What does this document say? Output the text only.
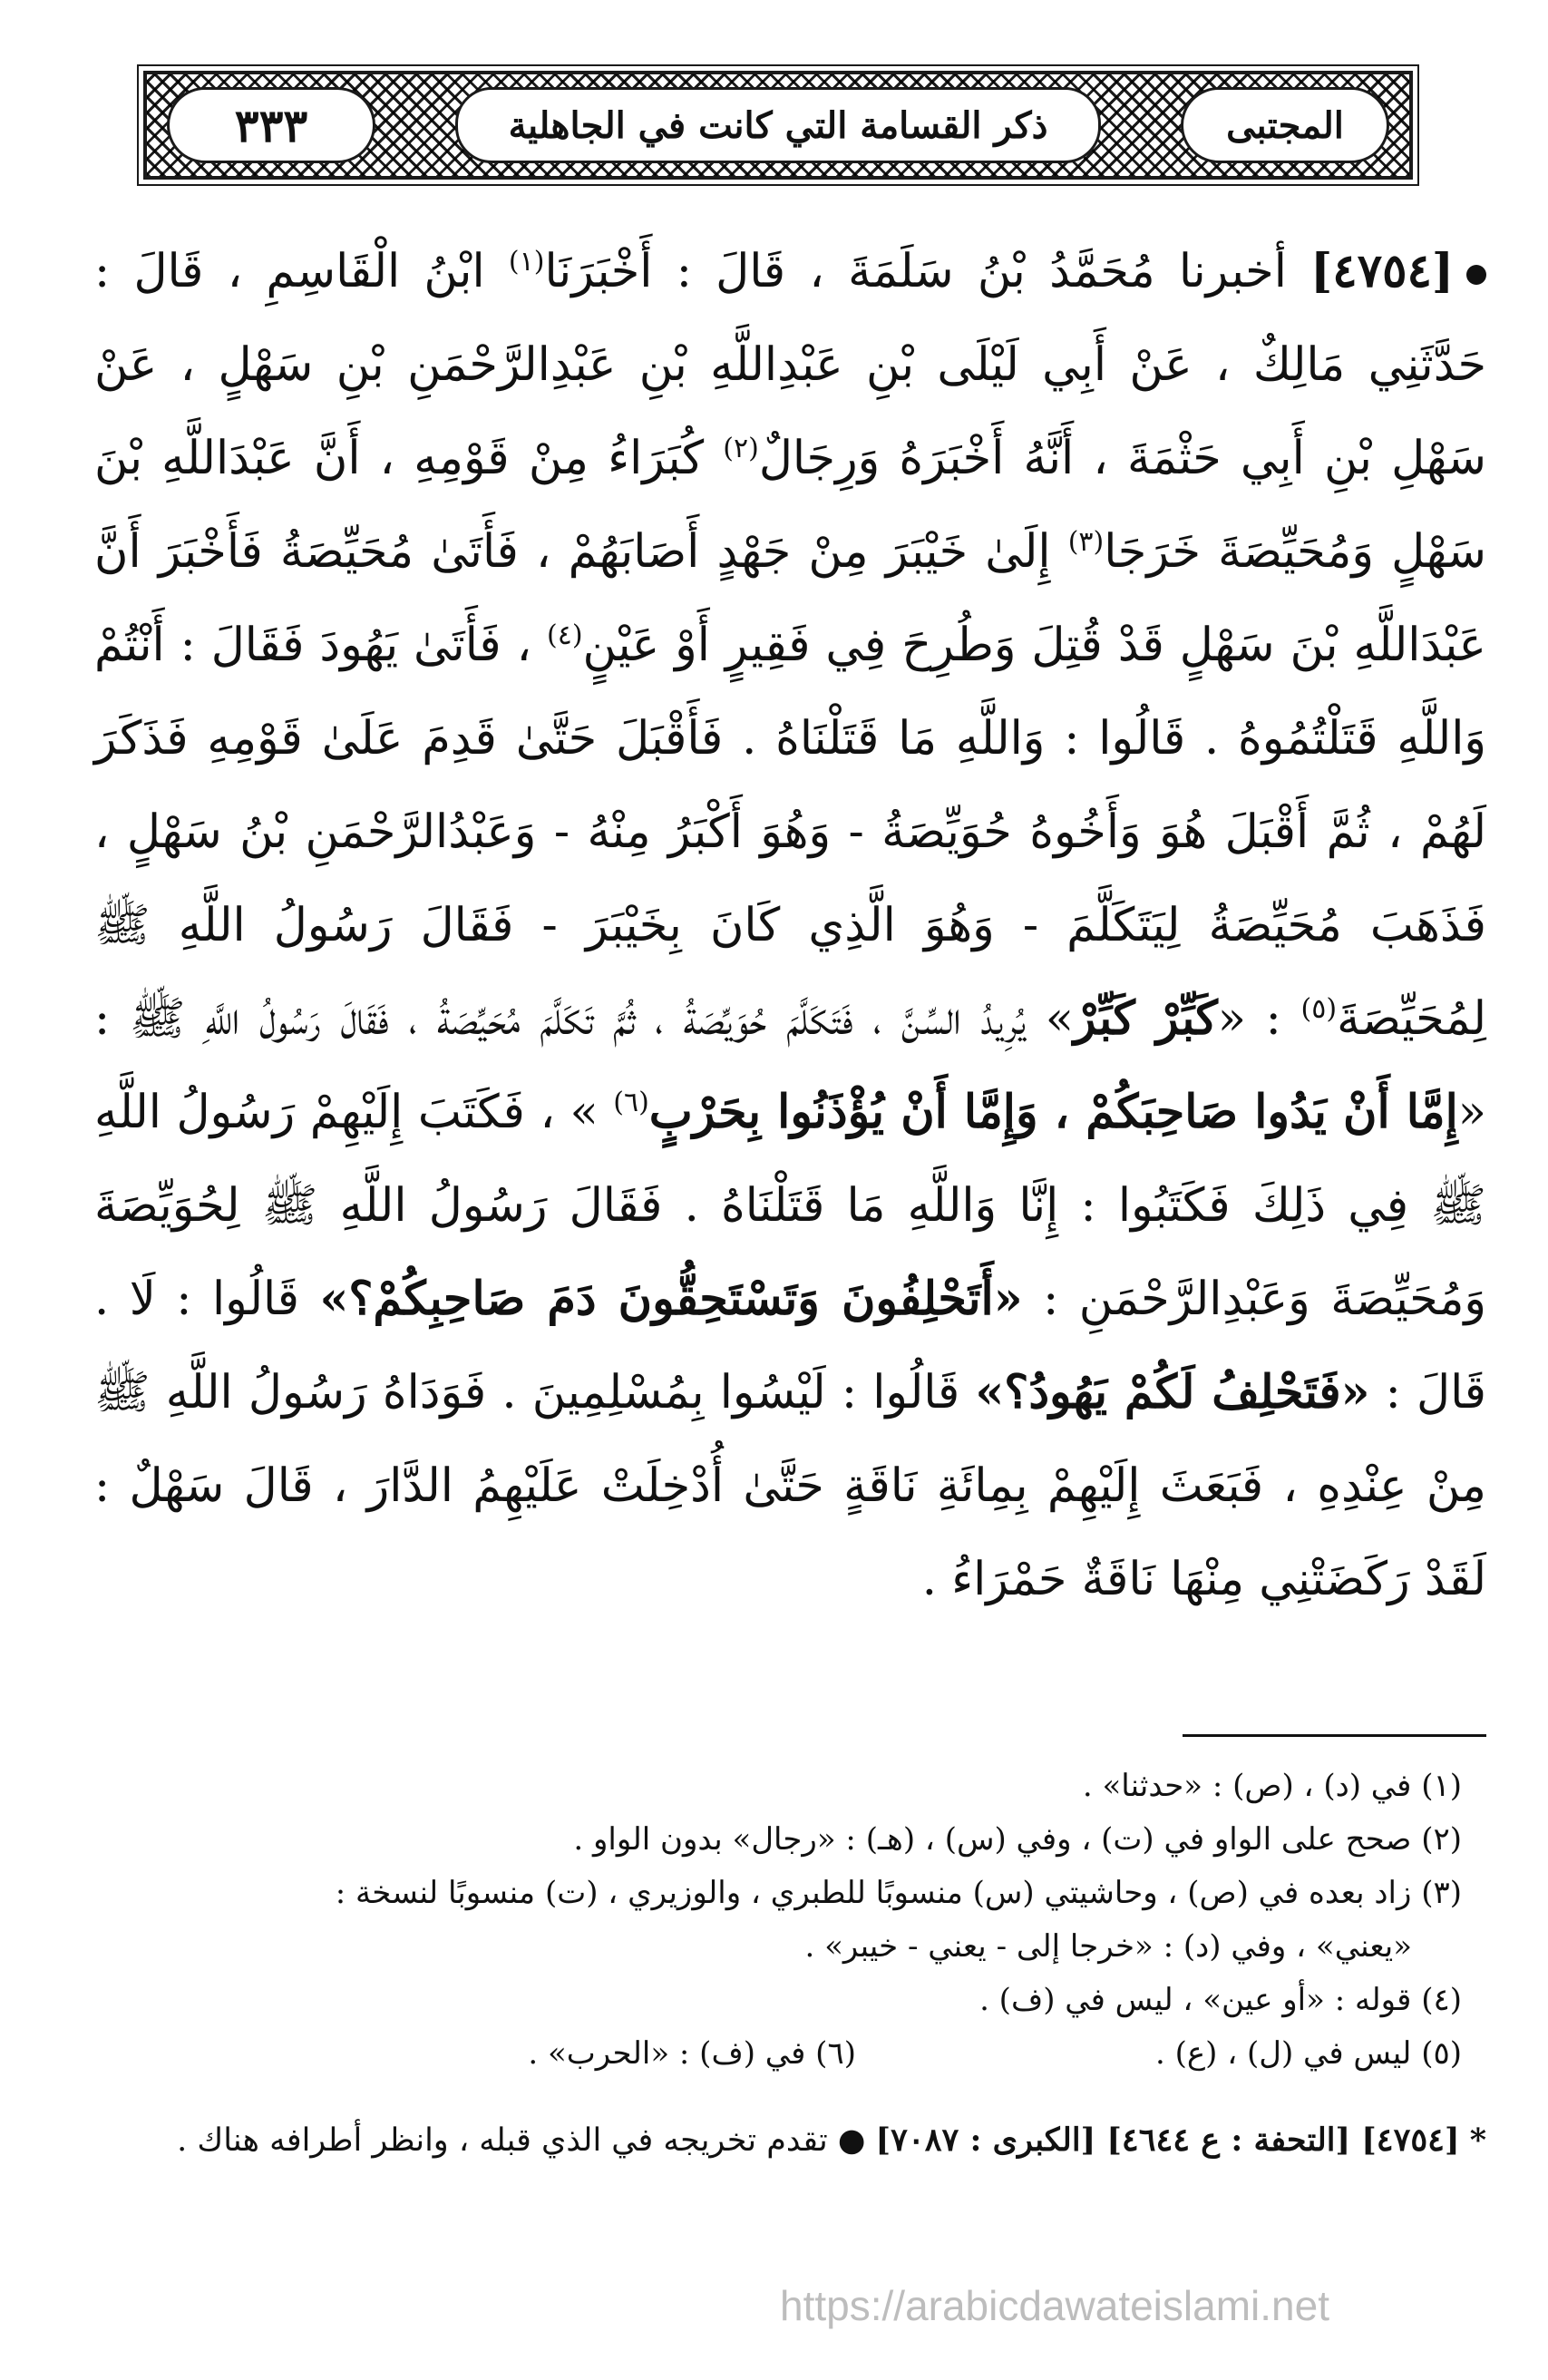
المجتبى
ذكر القسامة التي كانت في الجاهلية
٣٣٣

[٤٧٥٤] أخبرنا مُحَمَّدُ بْنُ سَلَمَةَ ، قَالَ : أَخْبَرَنَا$^{(١)}$ ابْنُ الْقَاسِمِ ، قَالَ : حَدَّثَنِي مَالِكٌ ، عَنْ أَبِي لَيْلَى بْنِ عَبْدِاللَّهِ بْنِ عَبْدِالرَّحْمَنِ بْنِ سَهْلٍ ، عَنْ سَهْلِ بْنِ أَبِي حَثْمَةَ ، أَنَّهُ أَخْبَرَهُ وَرِجَالٌ$^{(٢)}$ كُبَرَاءُ مِنْ قَوْمِهِ ، أَنَّ عَبْدَاللَّهِ بْنَ سَهْلٍ وَمُحَيِّصَةَ خَرَجَا$^{(٣)}$ إِلَىٰ خَيْبَرَ مِنْ جَهْدٍ أَصَابَهُمْ ، فَأَتَىٰ مُحَيِّصَةُ فَأَخْبَرَ أَنَّ عَبْدَاللَّهِ بْنَ سَهْلٍ قَدْ قُتِلَ وَطُرِحَ فِي فَقِيرٍ أَوْ عَيْنٍ$^{(٤)}$ ، فَأَتَىٰ يَهُودَ فَقَالَ : أَنْتُمْ وَاللَّهِ قَتَلْتُمُوهُ . قَالُوا : وَاللَّهِ مَا قَتَلْنَاهُ . فَأَقْبَلَ حَتَّىٰ قَدِمَ عَلَىٰ قَوْمِهِ فَذَكَرَ لَهُمْ ، ثُمَّ أَقْبَلَ هُوَ وَأَخُوهُ حُوَيِّصَةُ - وَهُوَ أَكْبَرُ مِنْهُ - وَعَبْدُالرَّحْمَنِ بْنُ سَهْلٍ ، فَذَهَبَ مُحَيِّصَةُ لِيَتَكَلَّمَ - وَهُوَ الَّذِي كَانَ بِخَيْبَرَ - فَقَالَ رَسُولُ اللَّهِ ﷺ لِمُحَيِّصَةَ$^{(٥)}$ : «كَبِّرْ كَبِّرْ» يُرِيدُ السِّنَّ ، فَتَكَلَّمَ حُوَيِّصَةُ ، ثُمَّ تَكَلَّمَ مُحَيِّصَةُ ، فَقَالَ رَسُولُ اللَّهِ ﷺ : «إِمَّا أَنْ يَدُوا صَاحِبَكُمْ ، وَإِمَّا أَنْ يُؤْذَنُوا بِحَرْبٍ$^{(٦)}$ » ، فَكَتَبَ إِلَيْهِمْ رَسُولُ اللَّهِ ﷺ فِي ذَلِكَ فَكَتَبُوا : إِنَّا وَاللَّهِ مَا قَتَلْنَاهُ . فَقَالَ رَسُولُ اللَّهِ ﷺ لِحُوَيِّصَةَ وَمُحَيِّصَةَ وَعَبْدِالرَّحْمَنِ : «أَتَحْلِفُونَ وَتَسْتَحِقُّونَ دَمَ صَاحِبِكُمْ؟» قَالُوا : لَا . قَالَ : «فَتَحْلِفُ لَكُمْ يَهُودُ؟» قَالُوا : لَيْسُوا بِمُسْلِمِينَ . فَوَدَاهُ رَسُولُ اللَّهِ ﷺ مِنْ عِنْدِهِ ، فَبَعَثَ إِلَيْهِمْ بِمِائَةِ نَاقَةٍ حَتَّىٰ أُدْخِلَتْ عَلَيْهِمُ الدَّارَ ، قَالَ سَهْلٌ : لَقَدْ رَكَضَتْنِي مِنْهَا نَاقَةٌ حَمْرَاءُ .

(١) في (د) ، (ص) : «حدثنا» .
(٢) صحح على الواو في (ت) ، وفي (س) ، (هـ) : «رجال» بدون الواو .
(٣) زاد بعده في (ص) ، وحاشيتي (س) منسوبًا للطبري ، والوزيري ، (ت) منسوبًا لنسخة :
«يعني» ، وفي (د) : «خرجا إلى - يعني - خيبر» .
(٤) قوله : «أو عين» ، ليس في (ف) .
(٥) ليس في (ل) ، (ع) .
(٦) في (ف) : «الحرب» .
* [٤٧٥٤] [التحفة : ع ٤٦٤٤] [الكبرى : ٧٠٨٧] ● تقدم تخريجه في الذي قبله ، وانظر أطرافه هناك .
https://arabicdawateislami.net
